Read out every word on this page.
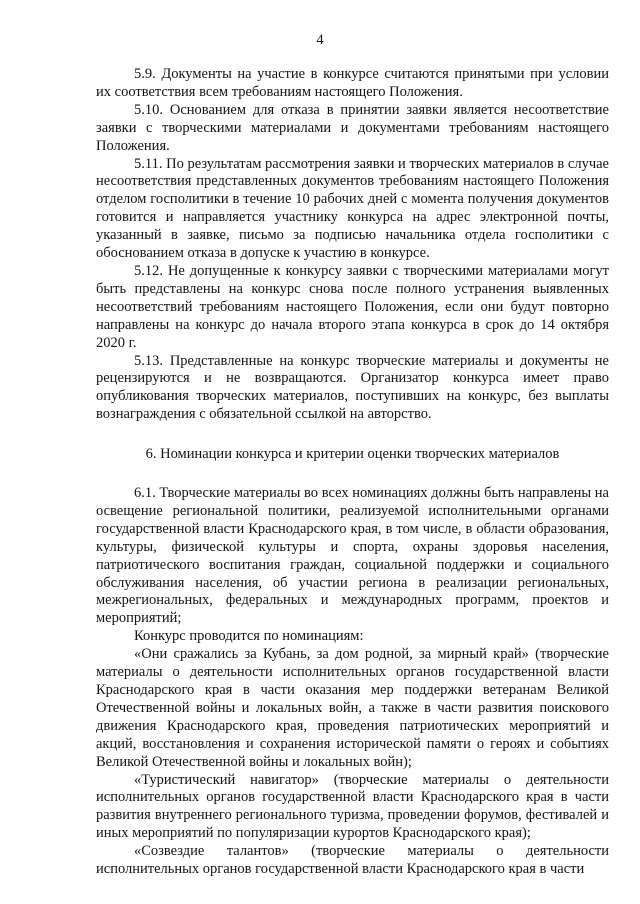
4

5.9. Документы на участие в конкурсе считаются принятыми при условии их соответствия всем требованиям настоящего Положения.

5.10. Основанием для отказа в принятии заявки является несоответствие заявки с творческими материалами и документами требованиям настоящего Положения.

5.11. По результатам рассмотрения заявки и творческих материалов в случае несоответствия представленных документов требованиям настоящего Положения отделом госполитики в течение 10 рабочих дней с момента получения документов готовится и направляется участнику конкурса на адрес электронной почты, указанный в заявке, письмо за подписью начальника отдела госполитики с обоснованием отказа в допуске к участию в конкурсе.

5.12. Не допущенные к конкурсу заявки с творческими материалами могут быть представлены на конкурс снова после полного устранения выявленных несоответствий требованиям настоящего Положения, если они будут повторно направлены на конкурс до начала второго этапа конкурса в срок до 14 октября 2020 г.

5.13. Представленные на конкурс творческие материалы и документы не рецензируются и не возвращаются. Организатор конкурса имеет право опубликования творческих материалов, поступивших на конкурс, без выплаты вознаграждения с обязательной ссылкой на авторство.

6. Номинации конкурса и критерии оценки творческих материалов

6.1. Творческие материалы во всех номинациях должны быть направлены на освещение региональной политики, реализуемой исполнительными органами государственной власти Краснодарского края, в том числе, в области образования, культуры, физической культуры и спорта, охраны здоровья населения, патриотического воспитания граждан, социальной поддержки и социального обслуживания населения, об участии региона в реализации региональных, межрегиональных, федеральных и международных программ, проектов и мероприятий;

Конкурс проводится по номинациям:

«Они сражались за Кубань, за дом родной, за мирный край» (творческие материалы о деятельности исполнительных органов государственной власти Краснодарского края в части оказания мер поддержки ветеранам Великой Отечественной войны и локальных войн, а также в части развития поискового движения Краснодарского края, проведения патриотических мероприятий и акций, восстановления и сохранения исторической памяти о героях и событиях Великой Отечественной войны и локальных войн);

«Туристический навигатор» (творческие материалы о деятельности исполнительных органов государственной власти Краснодарского края в части развития внутреннего регионального туризма, проведении форумов, фестивалей и иных мероприятий по популяризации курортов Краснодарского края);

«Созвездие талантов» (творческие материалы о деятельности исполнительных органов государственной власти Краснодарского края в части
